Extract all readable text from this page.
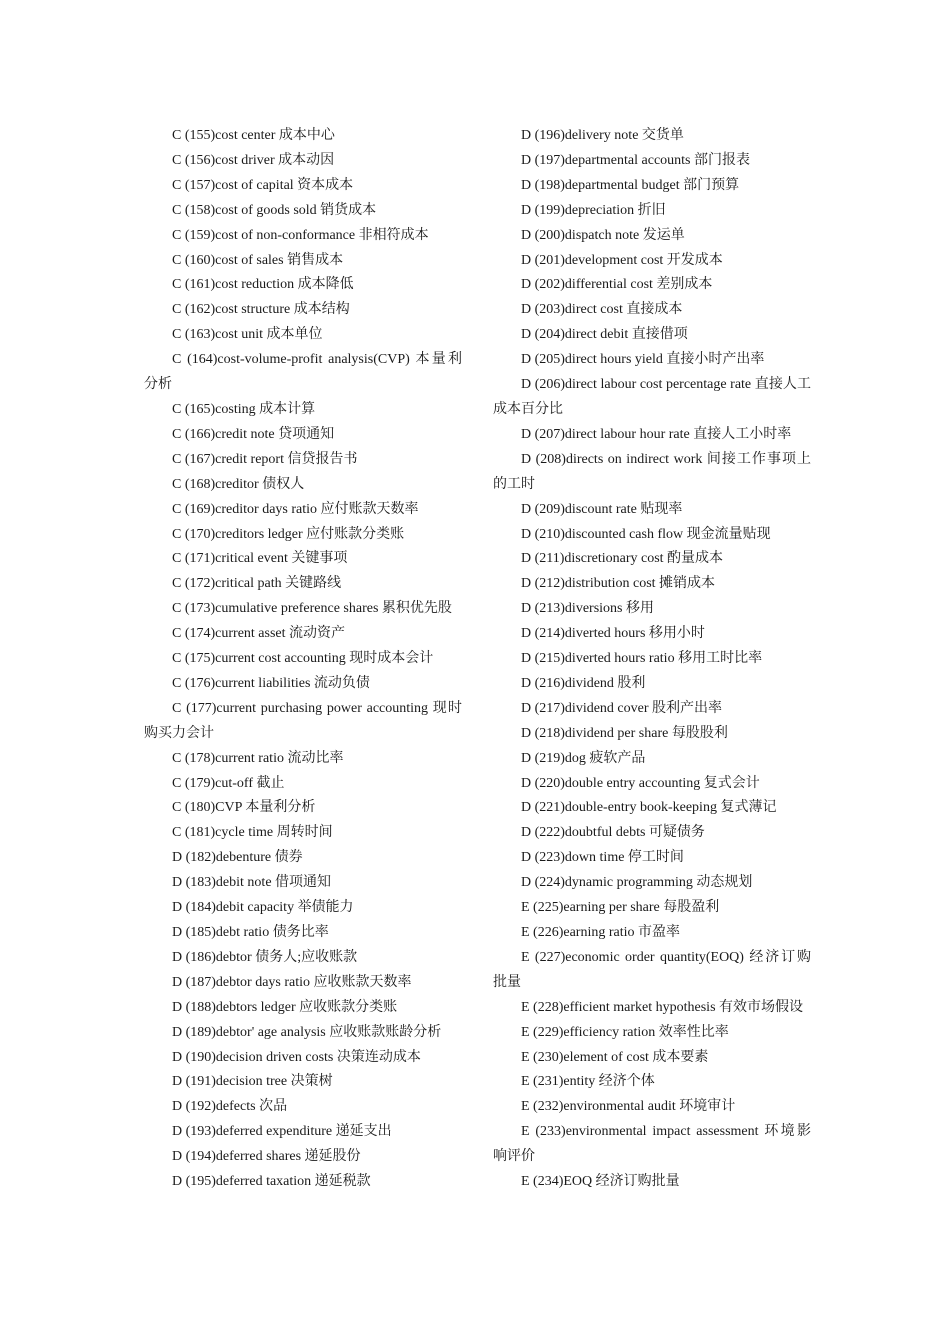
C (155)cost center 成本中心
C (156)cost driver 成本动因
C (157)cost of capital 资本成本
C (158)cost of goods sold 销货成本
C (159)cost of non-conformance 非相符成本
C (160)cost of sales 销售成本
C (161)cost reduction 成本降低
C (162)cost structure 成本结构
C (163)cost unit 成本单位
C (164)cost-volume-profit analysis(CVP) 本量利分析
C (165)costing 成本计算
C (166)credit note 贷项通知
C (167)credit report 信贷报告书
C (168)creditor 债权人
C (169)creditor days ratio 应付账款天数率
C (170)creditors ledger 应付账款分类账
C (171)critical event 关键事项
C (172)critical path 关键路线
C (173)cumulative preference shares 累积优先股
C (174)current asset 流动资产
C (175)current cost accounting 现时成本会计
C (176)current liabilities 流动负债
C (177)current purchasing power accounting 现时购买力会计
C (178)current ratio 流动比率
C (179)cut-off 截止
C (180)CVP 本量利分析
C (181)cycle time 周转时间
D (182)debenture 债券
D (183)debit note 借项通知
D (184)debit capacity 举债能力
D (185)debt ratio 债务比率
D (186)debtor 债务人;应收账款
D (187)debtor days ratio 应收账款天数率
D (188)debtors ledger 应收账款分类账
D (189)debtor' age analysis 应收账款账龄分析
D (190)decision driven costs 决策连动成本
D (191)decision tree 决策树
D (192)defects 次品
D (193)deferred expenditure 递延支出
D (194)deferred shares 递延股份
D (195)deferred taxation 递延税款
D (196)delivery note 交货单
D (197)departmental accounts 部门报表
D (198)departmental budget 部门预算
D (199)depreciation 折旧
D (200)dispatch note 发运单
D (201)development cost 开发成本
D (202)differential cost 差别成本
D (203)direct cost 直接成本
D (204)direct debit 直接借项
D (205)direct hours yield 直接小时产出率
D (206)direct labour cost percentage rate 直接人工成本百分比
D (207)direct labour hour rate 直接人工小时率
D (208)directs on indirect work 间接工作事项上的工时
D (209)discount rate 贴现率
D (210)discounted cash flow 现金流量贴现
D (211)discretionary cost 酌量成本
D (212)distribution cost 摊销成本
D (213)diversions 移用
D (214)diverted hours 移用小时
D (215)diverted hours ratio 移用工时比率
D (216)dividend 股利
D (217)dividend cover 股利产出率
D (218)dividend per share 每股股利
D (219)dog 疲软产品
D (220)double entry accounting 复式会计
D (221)double-entry book-keeping 复式薄记
D (222)doubtful debts 可疑债务
D (223)down time 停工时间
D (224)dynamic programming 动态规划
E (225)earning per share 每股盈利
E (226)earning ratio 市盈率
E (227)economic order quantity(EOQ) 经济订购批量
E (228)efficient market hypothesis 有效市场假设
E (229)efficiency ration 效率性比率
E (230)element of cost 成本要素
E (231)entity 经济个体
E (232)environmental audit 环境审计
E (233)environmental impact assessment 环境影响评价
E (234)EOQ 经济订购批量
